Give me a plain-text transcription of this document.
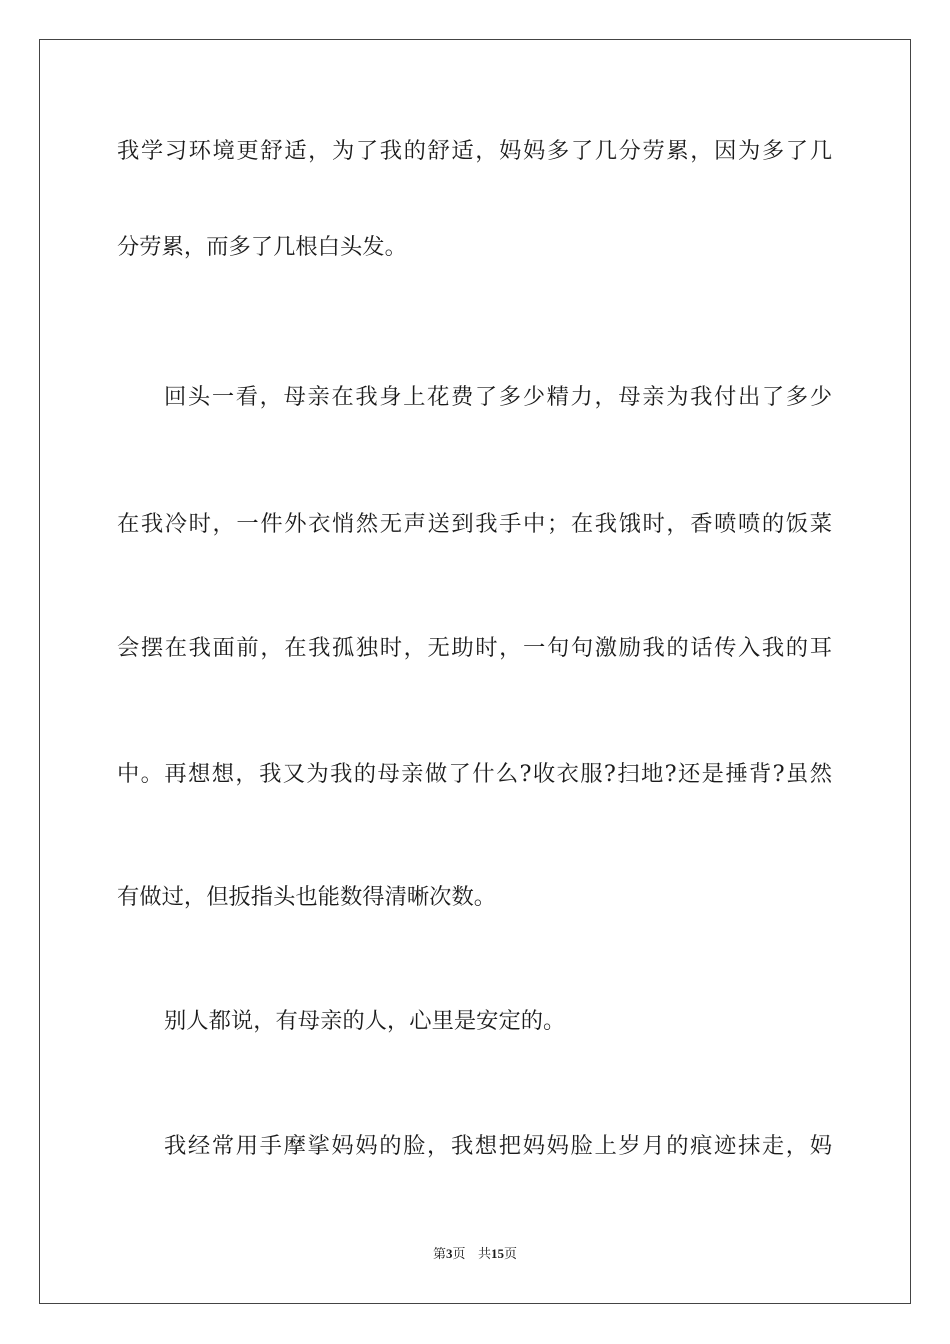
我学习环境更舒适，为了我的舒适，妈妈多了几分劳累，因为多了几
分劳累，而多了几根白头发。
回头一看，母亲在我身上花费了多少精力，母亲为我付出了多少
在我冷时，一件外衣悄然无声送到我手中；在我饿时，香喷喷的饭菜
会摆在我面前，在我孤独时，无助时，一句句激励我的话传入我的耳
中。再想想，我又为我的母亲做了什么?收衣服?扫地?还是捶背?虽然
有做过，但扳指头也能数得清晰次数。
别人都说，有母亲的人，心里是安定的。
我经常用手摩挲妈妈的脸，我想把妈妈脸上岁月的痕迹抹走，妈
第3页 共15页
